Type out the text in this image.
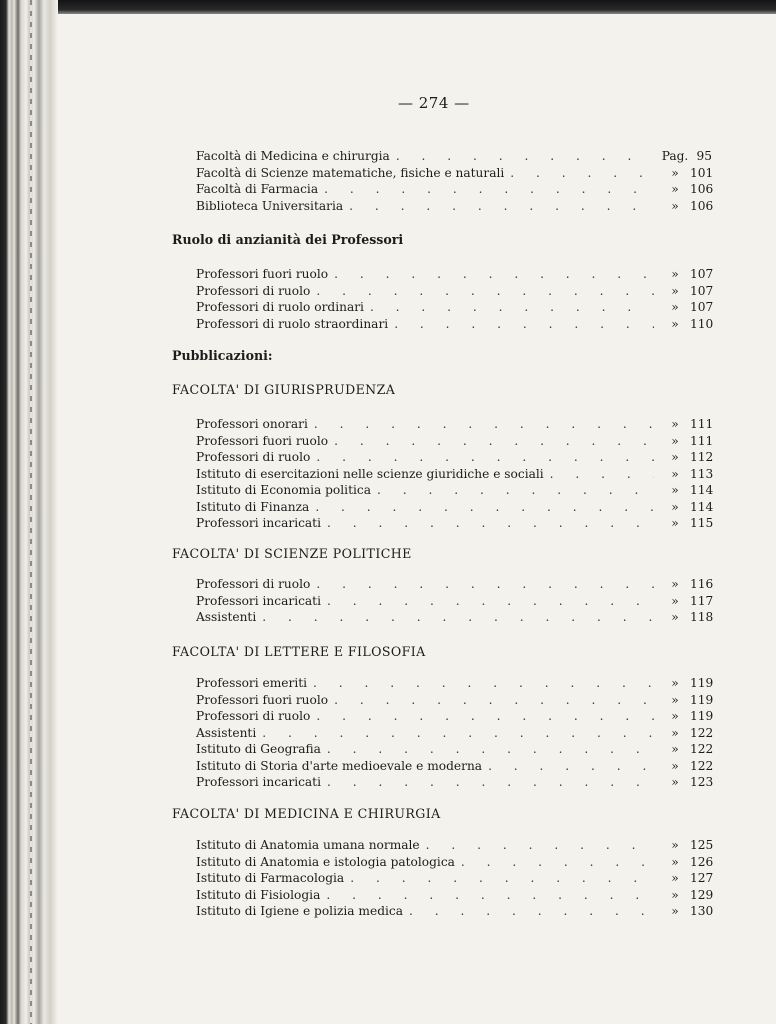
— 274 —
Facoltà di Medicina e chirurgia . . .	Pag. 95
Facoltà di Scienze matematiche, fisiche e naturali . . .	» 101
Facoltà di Farmacia . . .	» 106
Biblioteca Universitaria . . .	» 106
Ruolo di anzianità dei Professori
Professori fuori ruolo . . .	» 107
Professori di ruolo . . .	» 107
Professori di ruolo ordinari . . .	» 107
Professori di ruolo straordinari . . .	» 110
Pubblicazioni:
FACOLTA' DI GIURISPRUDENZA
Professori onorari . . .	» 111
Professori fuori ruolo . . .	» 111
Professori di ruolo . . .	» 112
Istituto di esercitazioni nelle scienze giuridiche e sociali . . .	» 113
Istituto di Economia politica . . .	» 114
Istituto di Finanza . . .	» 114
Professori incaricati . . .	» 115
FACOLTA' DI SCIENZE POLITICHE
Professori di ruolo . . .	» 116
Professori incaricati . . .	» 117
Assistenti . . .	» 118
FACOLTA' DI LETTERE E FILOSOFIA
Professori emeriti . . .	» 119
Professori fuori ruolo . . .	» 119
Professori di ruolo . . .	» 119
Assistenti . . .	» 122
Istituto di Geografia . . .	» 122
Istituto di Storia d'arte medioevale e moderna . . .	» 122
Professori incaricati . . .	» 123
FACOLTA' DI MEDICINA E CHIRURGIA
Istituto di Anatomia umana normale . . .	» 125
Istituto di Anatomia e istologia patologica . . .	» 126
Istituto di Farmacologia . . .	» 127
Istituto di Fisiologia . . .	» 129
Istituto di Igiene e polizia medica . . .	» 130
